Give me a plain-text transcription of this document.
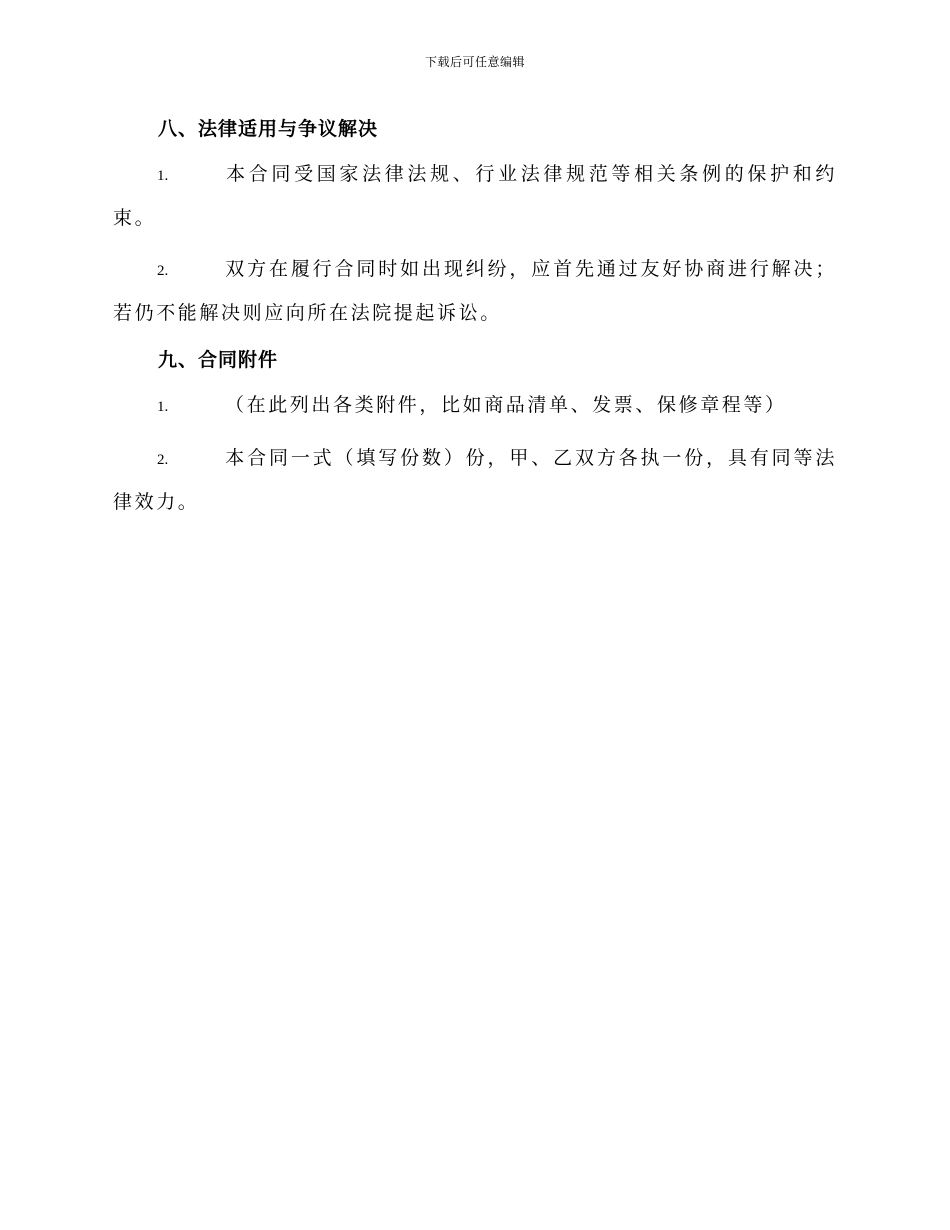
下载后可任意编辑
八、法律适用与争议解决

1.	本合同受国家法律法规、行业法律规范等相关条例的保护和约束。

2.	双方在履行合同时如出现纠纷，应首先通过友好协商进行解决；若仍不能解决则应向所在法院提起诉讼。

九、合同附件

1.	（在此列出各类附件，比如商品清单、发票、保修章程等）

2.	本合同一式（填写份数）份，甲、乙双方各执一份，具有同等法律效力。
